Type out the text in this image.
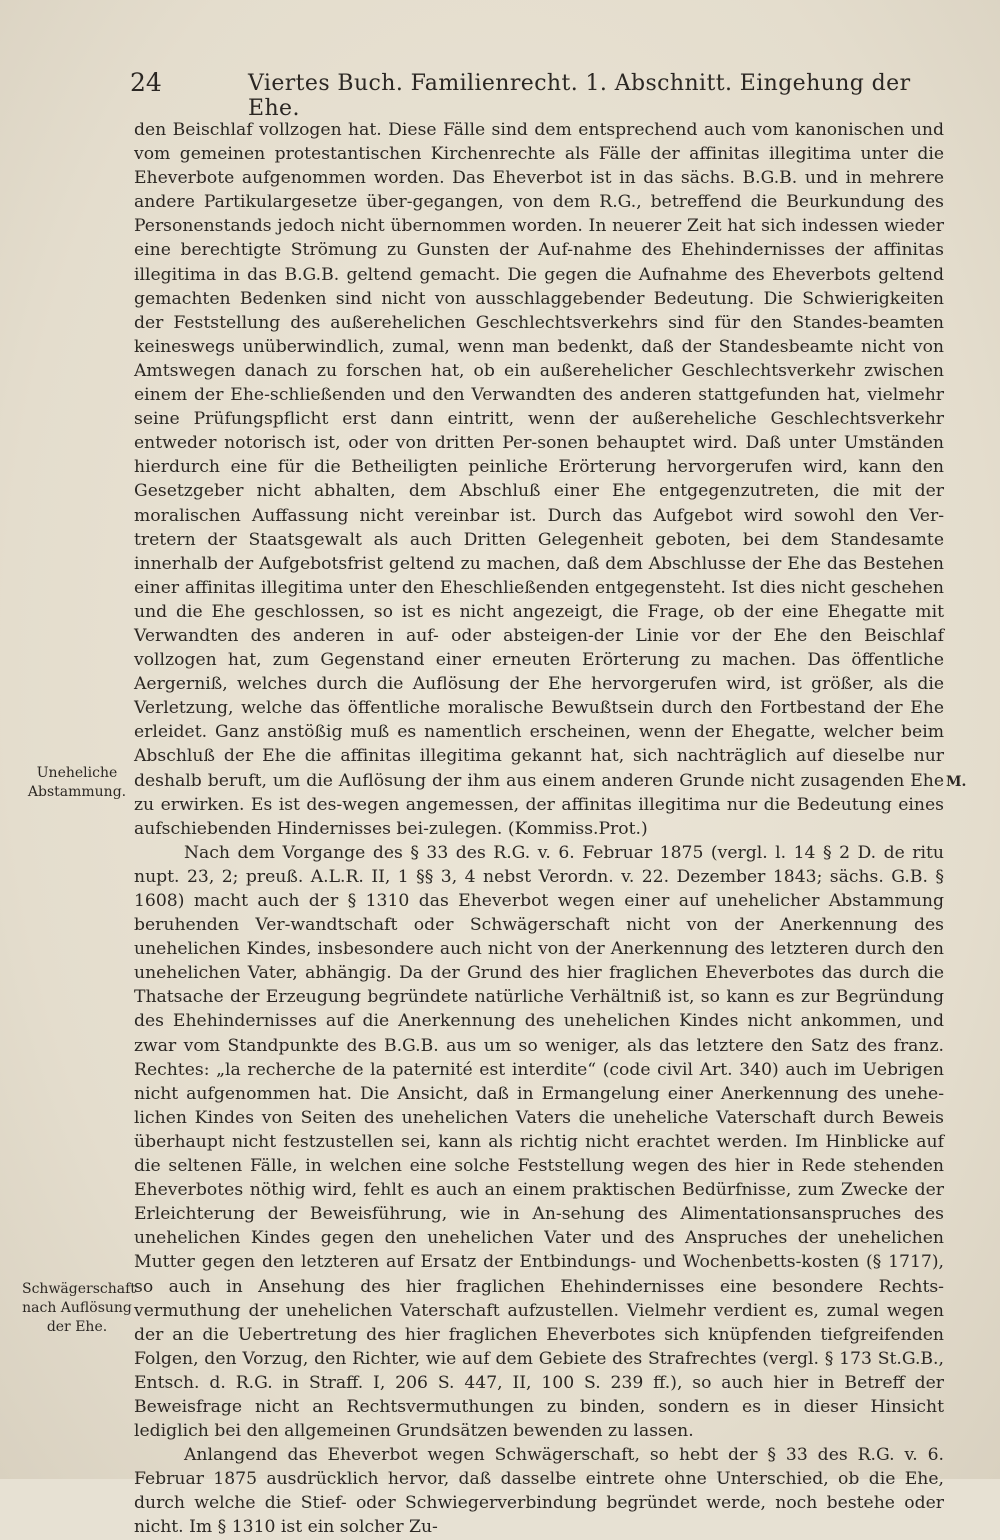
24	Viertes Buch. Familienrecht. 1. Abschnitt. Eingehung der Ehe.

den Beischlaf vollzogen hat. Diese Fälle sind dem entsprechend auch vom kanonischen und vom gemeinen protestantischen Kirchenrechte als Fälle der affinitas illegitima unter die Eheverbote aufgenommen worden. Das Eheverbot ist in das sächs. B.G.B. und in mehrere andere Partikulargesetze über-gegangen, von dem R.G., betreffend die Beurkundung des Personenstands jedoch nicht übernommen worden. In neuerer Zeit hat sich indessen wieder eine berechtigte Strömung zu Gunsten der Auf-nahme des Ehehindernisses der affinitas illegitima in das B.G.B. geltend gemacht. Die gegen die Aufnahme des Eheverbots geltend gemachten Bedenken sind nicht von ausschlaggebender Bedeutung. Die Schwierigkeiten der Feststellung des außerehelichen Geschlechtsverkehrs sind für den Standes-beamten keineswegs unüberwindlich, zumal, wenn man bedenkt, daß der Standesbeamte nicht von Amtswegen danach zu forschen hat, ob ein außerehelicher Geschlechtsverkehr zwischen einem der Ehe-schließenden und den Verwandten des anderen stattgefunden hat, vielmehr seine Prüfungspflicht erst dann eintritt, wenn der außereheliche Geschlechtsverkehr entweder notorisch ist, oder von dritten Per-sonen behauptet wird. Daß unter Umständen hierdurch eine für die Betheiligten peinliche Erörterung hervorgerufen wird, kann den Gesetzgeber nicht abhalten, dem Abschluß einer Ehe entgegenzutreten, die mit der moralischen Auffassung nicht vereinbar ist. Durch das Aufgebot wird sowohl den Ver-tretern der Staatsgewalt als auch Dritten Gelegenheit geboten, bei dem Standesamte innerhalb der Aufgebotsfrist geltend zu machen, daß dem Abschlusse der Ehe das Bestehen einer affinitas illegitima unter den Eheschließenden entgegensteht. Ist dies nicht geschehen und die Ehe geschlossen, so ist es nicht angezeigt, die Frage, ob der eine Ehegatte mit Verwandten des anderen in auf- oder absteigen-der Linie vor der Ehe den Beischlaf vollzogen hat, zum Gegenstand einer erneuten Erörterung zu machen. Das öffentliche Aergerniß, welches durch die Auflösung der Ehe hervorgerufen wird, ist größer, als die Verletzung, welche das öffentliche moralische Bewußtsein durch den Fortbestand der Ehe erleidet. Ganz anstößig muß es namentlich erscheinen, wenn der Ehegatte, welcher beim Abschluß der Ehe die affinitas illegitima gekannt hat, sich nachträglich auf dieselbe nur deshalb beruft, um die Auflösung der ihm aus einem anderen Grunde nicht zusagenden Ehe zu erwirken. Es ist des-wegen angemessen, der affinitas illegitima nur die Bedeutung eines aufschiebenden Hindernisses bei-zulegen. (Kommiss.Prot.)

Nach dem Vorgange des § 33 des R.G. v. 6. Februar 1875 (vergl. l. 14 § 2 D. de ritu nupt. 23, 2; preuß. A.L.R. II, 1 §§ 3, 4 nebst Verordn. v. 22. Dezember 1843; sächs. G.B. § 1608) macht auch der § 1310 das Eheverbot wegen einer auf unehelicher Abstammung beruhenden Ver-wandtschaft oder Schwägerschaft nicht von der Anerkennung des unehelichen Kindes, insbesondere auch nicht von der Anerkennung des letzteren durch den unehelichen Vater, abhängig. Da der Grund des hier fraglichen Eheverbotes das durch die Thatsache der Erzeugung begründete natürliche Verhältniß ist, so kann es zur Begründung des Ehehindernisses auf die Anerkennung des unehelichen Kindes nicht ankommen, und zwar vom Standpunkte des B.G.B. aus um so weniger, als das letztere den Satz des franz. Rechtes: „la recherche de la paternité est interdite“ (code civil Art. 340) auch im Uebrigen nicht aufgenommen hat. Die Ansicht, daß in Ermangelung einer Anerkennung des unehe-lichen Kindes von Seiten des unehelichen Vaters die uneheliche Vaterschaft durch Beweis überhaupt nicht festzustellen sei, kann als richtig nicht erachtet werden. Im Hinblicke auf die seltenen Fälle, in welchen eine solche Feststellung wegen des hier in Rede stehenden Eheverbotes nöthig wird, fehlt es auch an einem praktischen Bedürfnisse, zum Zwecke der Erleichterung der Beweisführung, wie in An-sehung des Alimentationsanspruches des unehelichen Kindes gegen den unehelichen Vater und des Anspruches der unehelichen Mutter gegen den letzteren auf Ersatz der Entbindungs- und Wochenbetts-kosten (§ 1717), so auch in Ansehung des hier fraglichen Ehehindernisses eine besondere Rechts-vermuthung der unehelichen Vaterschaft aufzustellen. Vielmehr verdient es, zumal wegen der an die Uebertretung des hier fraglichen Eheverbotes sich knüpfenden tiefgreifenden Folgen, den Vorzug, den Richter, wie auf dem Gebiete des Strafrechtes (vergl. § 173 St.G.B., Entsch. d. R.G. in Straff. I, 206 S. 447, II, 100 S. 239 ff.), so auch hier in Betreff der Beweisfrage nicht an Rechtsvermuthungen zu binden, sondern es in dieser Hinsicht lediglich bei den allgemeinen Grundsätzen bewenden zu lassen.

Anlangend das Eheverbot wegen Schwägerschaft, so hebt der § 33 des R.G. v. 6. Februar 1875 ausdrücklich hervor, daß dasselbe eintrete ohne Unterschied, ob die Ehe, durch welche die Stief- oder Schwiegerverbindung begründet werde, noch bestehe oder nicht. Im § 1310 ist ein solcher Zu-

Uneheliche Abstammung.
Schwägerschaft nach Auflösung der Ehe.
M.
